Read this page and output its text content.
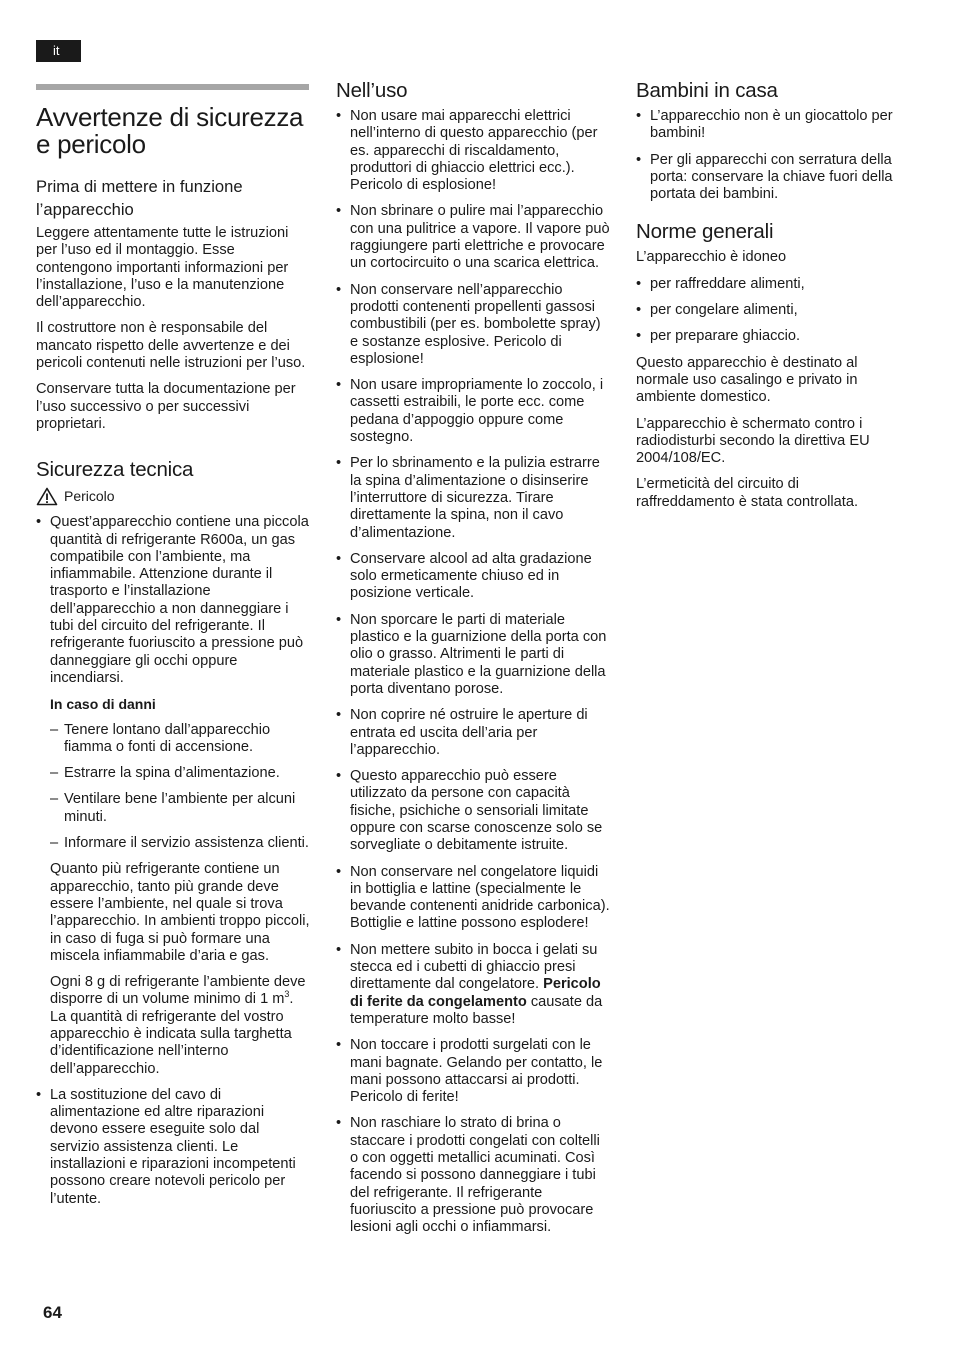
it
Avvertenze di sicurezza e pericolo
Prima di mettere in funzione l’apparecchio

Leggere attentamente tutte le istruzioni per l’uso ed il montaggio. Esse contengono importanti informazioni per l’installazione, l’uso e la manutenzione dell’apparecchio.

Il costruttore non è responsabile del mancato rispetto delle avvertenze e dei pericoli contenuti nelle istruzioni per l’uso.

Conservare tutta la documentazione per l’uso successivo o per successivi proprietari.

Sicurezza tecnica
Pericolo
• Quest’apparecchio contiene una piccola quantità di refrigerante R600a, un gas compatibile con l’ambiente, ma infiammabile. Attenzione durante il trasporto e l’installazione dell’apparecchio a non danneggiare i tubi del circuito del refrigerante. Il refrigerante fuoriuscito a pressione può danneggiare gli occhi oppure incendiarsi.
In caso di danni
– Tenere lontano dall’apparecchio fiamma o fonti di accensione.
– Estrarre la spina d’alimentazione.
– Ventilare bene l’ambiente per alcuni minuti.
– Informare il servizio assistenza clienti.

Quanto più refrigerante contiene un apparecchio, tanto più grande deve essere l’ambiente, nel quale si trova l’apparecchio. In ambienti troppo piccoli, in caso di fuga si può formare una miscela infiammabile d’aria e gas.

Ogni 8 g di refrigerante l’ambiente deve disporre di un volume minimo di 1 $m^3$. La quantità di refrigerante del vostro apparecchio è indicata sulla targhetta d’identificazione nell’interno dell’apparecchio.

• La sostituzione del cavo di alimentazione ed altre riparazioni devono essere eseguite solo dal servizio assistenza clienti. Le installazioni e riparazioni incompetenti possono creare notevoli pericolo per l’utente.
Nell’uso
• Non usare mai apparecchi elettrici nell’interno di questo apparecchio (per es. apparecchi di riscaldamento, produttori di ghiaccio elettrici ecc.). Pericolo di esplosione!
• Non sbrinare o pulire mai l’apparecchio con una pulitrice a vapore. Il vapore può raggiungere parti elettriche e provocare un cortocircuito o una scarica elettrica.
• Non conservare nell’apparecchio prodotti contenenti propellenti gassosi combustibili (per es. bombolette spray) e sostanze esplosive. Pericolo di esplosione!
• Non usare impropriamente lo zoccolo, i cassetti estraibili, le porte ecc. come pedana d’appoggio oppure come sostegno.
• Per lo sbrinamento e la pulizia estrarre la spina d’alimentazione o disinserire l’interruttore di sicurezza. Tirare direttamente la spina, non il cavo d’alimentazione.
• Conservare alcool ad alta gradazione solo ermeticamente chiuso ed in posizione verticale.
• Non sporcare le parti di materiale plastico e la guarnizione della porta con olio o grasso. Altrimenti le parti di materiale plastico e la guarnizione della porta diventano porose.
• Non coprire né ostruire le aperture di entrata ed uscita dell’aria per l’apparecchio.
• Questo apparecchio può essere utilizzato da persone con capacità fisiche, psichiche o sensoriali limitate oppure con scarse conoscenze solo se sorvegliate o debitamente istruite.
• Non conservare nel congelatore liquidi in bottiglia e lattine (specialmente le bevande contenenti anidride carbonica). Bottiglie e lattine possono esplodere!
• Non mettere subito in bocca i gelati su stecca ed i cubetti di ghiaccio presi direttamente dal congelatore. Pericolo di ferite da congelamento causate da temperature molto basse!
• Non toccare i prodotti surgelati con le mani bagnate. Gelando per contatto, le mani possono attaccarsi ai prodotti. Pericolo di ferite!
• Non raschiare lo strato di brina o staccare i prodotti congelati con coltelli o con oggetti metallici acuminati. Così facendo si possono danneggiare i tubi del refrigerante. Il refrigerante fuoriuscito a pressione può provocare lesioni agli occhi o infiammarsi.
Bambini in casa
• L’apparecchio non è un giocattolo per bambini!
• Per gli apparecchi con serratura della porta: conservare la chiave fuori della portata dei bambini.
Norme generali

L’apparecchio è idoneo

• per raffreddare alimenti,
• per congelare alimenti,
• per preparare ghiaccio.

Questo apparecchio è destinato al normale uso casalingo e privato in ambiente domestico.

L’apparecchio è schermato contro i radiodisturbi secondo la direttiva EU 2004/108/EC.

L’ermeticità del circuito di raffreddamento è stata controllata.

64
